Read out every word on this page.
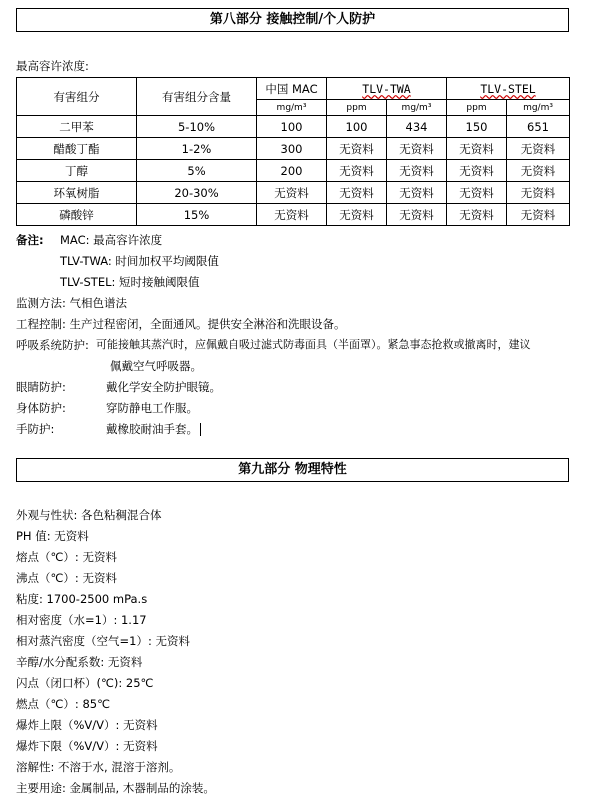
第八部分 接触控制/个人防护
最高容许浓度:
有害组分	有害组分含量	中国 MAC	TLV-TWA		TLV-STEL	
		mg/m³	ppm	mg/m³	ppm	mg/m³
二甲苯	5-10%	100	100	434	150	651
醋酸丁酯	1-2%	300	无资料	无资料	无资料	无资料
丁醇	5%	200	无资料	无资料	无资料	无资料
环氧树脂	20-30%	无资料	无资料	无资料	无资料	无资料
磷酸锌	15%	无资料	无资料	无资料	无资料	无资料
备注: MAC: 最高容许浓度
TLV-TWA: 时间加权平均阈限值
TLV-STEL: 短时接触阈限值
监测方法: 气相色谱法
工程控制: 生产过程密闭，全面通风。提供安全淋浴和洗眼设备。
呼吸系统防护: 可能接触其蒸汽时，应佩戴自吸过滤式防毒面具（半面罩）。紧急事态抢救或撤离时，建议
佩戴空气呼吸器。
眼睛防护:	戴化学安全防护眼镜。
身体防护:	穿防静电工作服。
手防护:	戴橡胶耐油手套。
第九部分 物理特性
外观与性状: 各色粘稠混合体
PH 值: 无资料
熔点（℃）: 无资料
沸点（℃）: 无资料
粘度: 1700-2500 mPa.s
相对密度（水=1）: 1.17
相对蒸汽密度（空气=1）: 无资料
辛醇/水分配系数: 无资料
闪点（闭口杯）(℃): 25℃
燃点（℃）: 85℃
爆炸上限（%V/V）: 无资料
爆炸下限（%V/V）: 无资料
溶解性: 不溶于水, 混溶于溶剂。
主要用途: 金属制品, 木器制品的涂装。
